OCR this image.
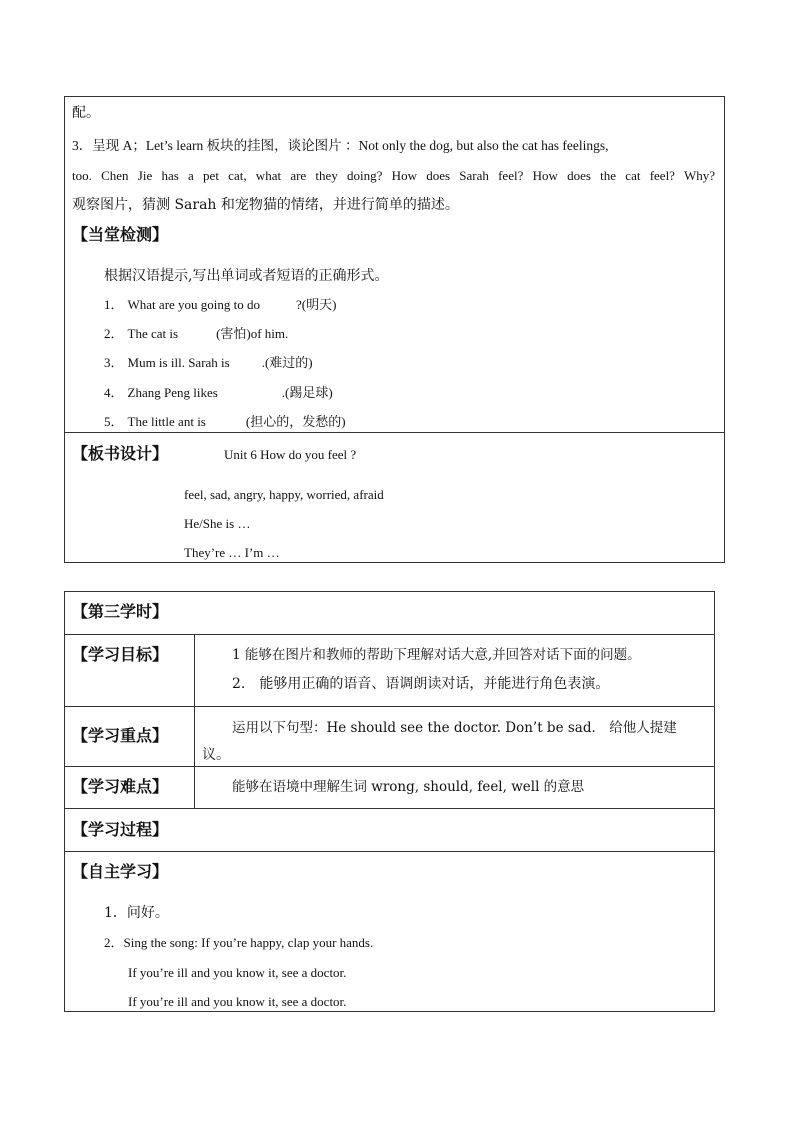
配。
3．呈现 A；Let’s learn 板块的挂图，谈论图片 ：Not only the dog, but also the cat has feelings,
too. Chen Jie has a pet cat, what are they doing? How does Sarah feel? How does the cat feel? Why?
观察图片，猜测 Sarah 和宠物猫的情绪，并进行简单的描述。
【当堂检测】
根据汉语提示,写出单词或者短语的正确形式。
1． What are you going to do	?(明天)
2． The cat is	(害怕)of him.
3． Mum is ill. Sarah is .(难过的)
4． Zhang Peng likes	.(踢足球)
5． The little ant is	(担心的，发愁的)
【板书设计】	Unit 6 How do you feel ?
feel, sad, angry, happy, worried, afraid
He/She is …
They’re … I’m …
【第三学时】
【学习目标】	1 能够在图片和教师的帮助下理解对话大意,并回答对话下面的问题。
2.　能够用正确的语音、语调朗读对话，并能进行角色表演。
【学习重点】	运用以下句型：He should see the doctor. Don’t be sad.　给他人提建
议。
【学习难点】	能够在语境中理解生词 wrong, should, feel, well 的意思
【学习过程】
【自主学习】
1．问好。
2．Sing the song: If you’re happy, clap your hands.
If you’re ill and you know it, see a doctor.
If you’re ill and you know it, see a doctor.
